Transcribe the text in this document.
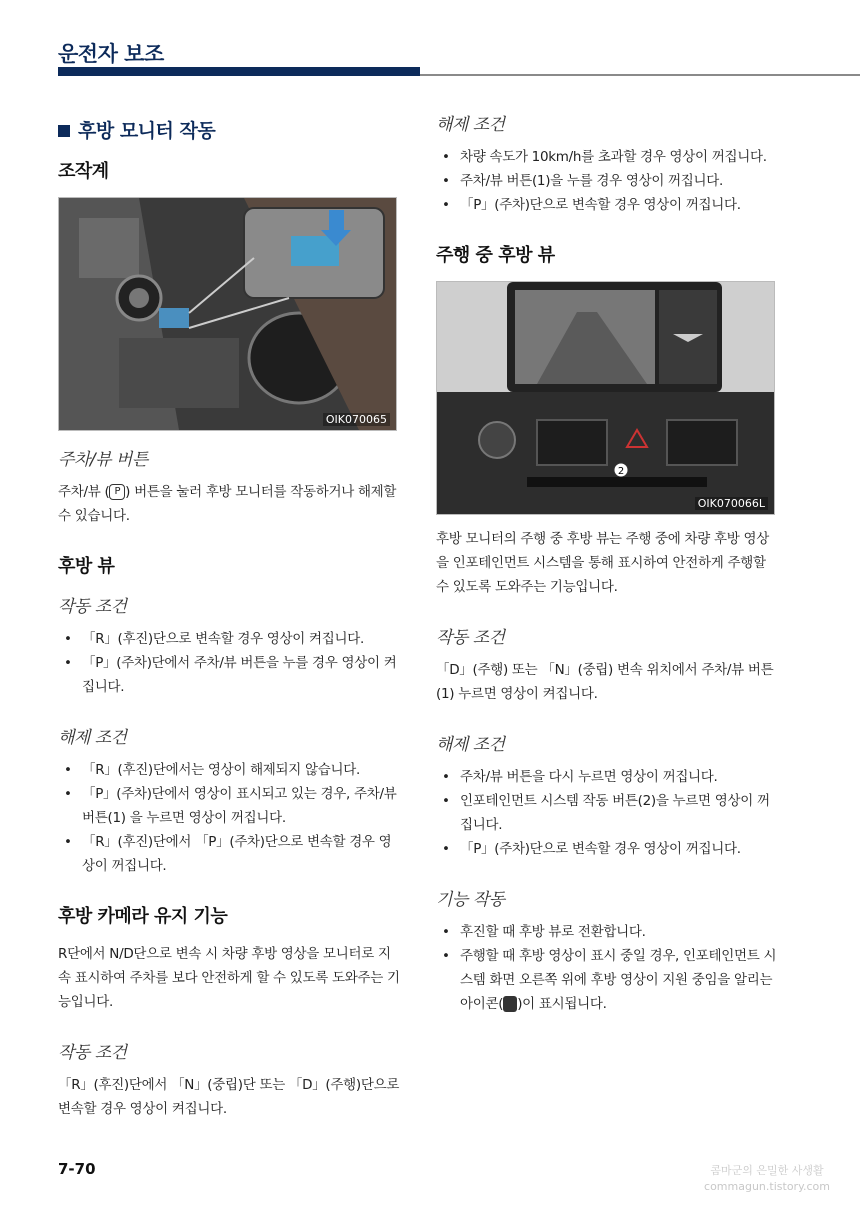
운전자 보조
후방 모니터 작동
조작계
OIK070065
주차/뷰 버튼

주차/뷰 ( P ) 버튼을 눌러 후방 모니터를 작동하거나 해제할 수 있습니다.

후방 뷰
작동 조건
• 「R」(후진)단으로 변속할 경우 영상이 켜집니다.
• 「P」(주차)단에서 주차/뷰 버튼을 누를 경우 영상이 켜집니다.
해제 조건
• 「R」(후진)단에서는 영상이 해제되지 않습니다.
• 「P」(주차)단에서 영상이 표시되고 있는 경우, 주차/뷰 버튼(1) 을 누르면 영상이 꺼집니다.
• 「R」(후진)단에서 「P」(주차)단으로 변속할 경우 영상이 꺼집니다.
후방 카메라 유지 기능

R단에서 N/D단으로 변속 시 차량 후방 영상을 모니터로 지속 표시하여 주차를 보다 안전하게 할 수 있도록 도와주는 기능입니다.

작동 조건

「R」(후진)단에서 「N」(중립)단 또는 「D」(주행)단으로 변속할 경우 영상이 켜집니다.

해제 조건
• 차량 속도가 10km/h를 초과할 경우 영상이 꺼집니다.
• 주차/뷰 버튼(1)을 누를 경우 영상이 꺼집니다.
• 「P」(주차)단으로 변속할 경우 영상이 꺼집니다.
주행 중 후방 뷰
2
OIK070066L

후방 모니터의 주행 중 후방 뷰는 주행 중에 차량 후방 영상을 인포테인먼트 시스템을 통해 표시하여 안전하게 주행할 수 있도록 도와주는 기능입니다.

작동 조건

「D」(주행) 또는 「N」(중립) 변속 위치에서 주차/뷰 버튼(1) 누르면 영상이 켜집니다.

해제 조건
• 주차/뷰 버튼을 다시 누르면 영상이 꺼집니다.
• 인포테인먼트 시스템 작동 버튼(2)을 누르면 영상이 꺼집니다.
• 「P」(주차)단으로 변속할 경우 영상이 꺼집니다.
기능 작동
• 후진할 때 후방 뷰로 전환합니다.
• 주행할 때 후방 영상이 표시 중일 경우, 인포테인먼트 시스템 화면 오른쪽 위에 후방 영상이 지원 중임을 알리는 아이콘( )이 표시됩니다.
7-70	콤마군의 은밀한 사생활
commagun.tistory.com
